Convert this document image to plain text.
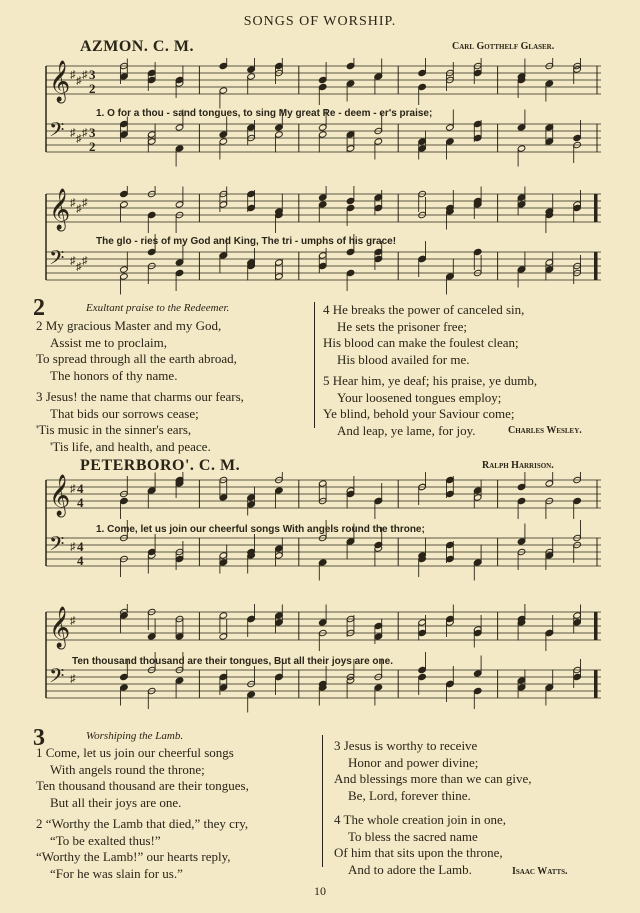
SONGS OF WORSHIP.
AZMON. C. M.	Carl Gotthelf Glaser.
𝄞 ♯ ♯ ♯ 3
2
𝄢 ♯ ♯ ♯ 3
2
1. O for a thou - sand tongues, to sing My great Re - deem - er's praise;
𝄞 ♯ ♯ ♯
𝄢 ♯ ♯ ♯
The glo - ries of my God and King, The tri - umphs of his grace!
2	Exultant praise to the Redeemer.
2 My gracious Master and my God,
Assist me to proclaim,
To spread through all the earth abroad,
The honors of thy name.
3 Jesus! the name that charms our fears,
That bids our sorrows cease;
'Tis music in the sinner's ears,
'Tis life, and health, and peace.
4 He breaks the power of canceled sin,
He sets the prisoner free;
His blood can make the foulest clean;
His blood availed for me.
5 Hear him, ye deaf; his praise, ye dumb,
Your loosened tongues employ;
Ye blind, behold your Saviour come;
And leap, ye lame, for joy.	Charles Wesley.
PETERBORO'. C. M.	Ralph Harrison.
𝄞 ♯ 4
4
𝄢 ♯ 4
4
1. Come, let us join our cheerful songs With angels round the throne;
𝄞 ♯
𝄢 ♯
Ten thousand thousand are their tongues, But all their joys are one.
3	Worshiping the Lamb.
1 Come, let us join our cheerful songs
With angels round the throne;
Ten thousand thousand are their tongues,
But all their joys are one.
2 “Worthy the Lamb that died,” they cry,
“To be exalted thus!”
“Worthy the Lamb!” our hearts reply,
“For he was slain for us.”
3 Jesus is worthy to receive
Honor and power divine;
And blessings more than we can give,
Be, Lord, forever thine.
4 The whole creation join in one,
To bless the sacred name
Of him that sits upon the throne,
And to adore the Lamb.	Isaac Watts.
10
